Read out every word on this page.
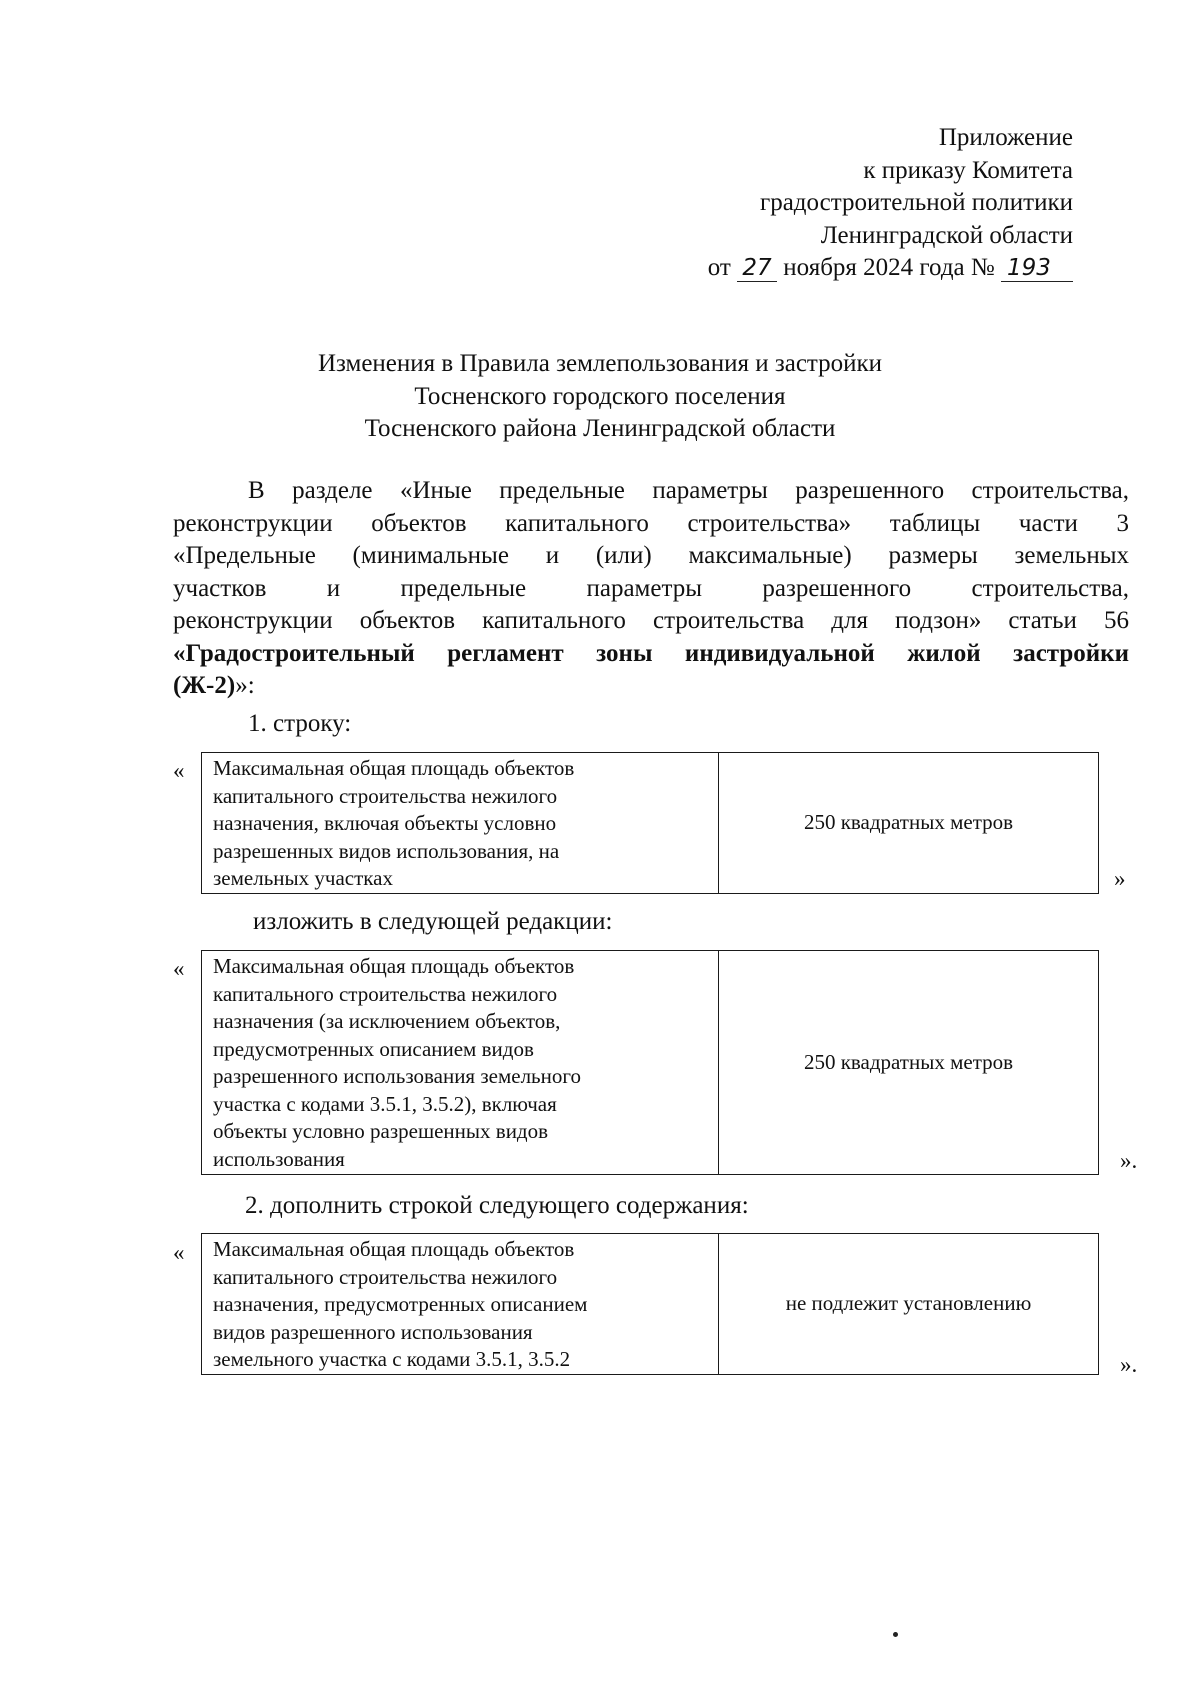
Приложение
к приказу Комитета
градостроительной политики
Ленинградской области
от 27 ноября 2024 года № 193
Изменения в Правила землепользования и застройки
Тосненского городского поселения
Тосненского района Ленинградской области
В разделе «Иные предельные параметры разрешенного строительства,
реконструкции объектов капитального строительства» таблицы части 3
«Предельные (минимальные и (или) максимальные) размеры земельных
участков и предельные параметры разрешенного строительства,
реконструкции объектов капитального строительства для подзон» статьи 56
«Градостроительный регламент зоны индивидуальной жилой застройки
(Ж-2)»:
1. строку:
« Максимальная общая площадь объектов
капитального строительства нежилого
назначения, включая объекты условно
разрешенных видов использования, на
земельных участках
	250 квадратных метров
»
изложить в следующей редакции:
« Максимальная общая площадь объектов
капитального строительства нежилого
назначения (за исключением объектов,
предусмотренных описанием видов
разрешенного использования земельного
участка с кодами 3.5.1, 3.5.2), включая
объекты условно разрешенных видов
использования
	250 квадратных метров
».
2. дополнить строкой следующего содержания:
« Максимальная общая площадь объектов
капитального строительства нежилого
назначения, предусмотренных описанием
видов разрешенного использования
земельного участка с кодами 3.5.1, 3.5.2
	не подлежит установлению
».
